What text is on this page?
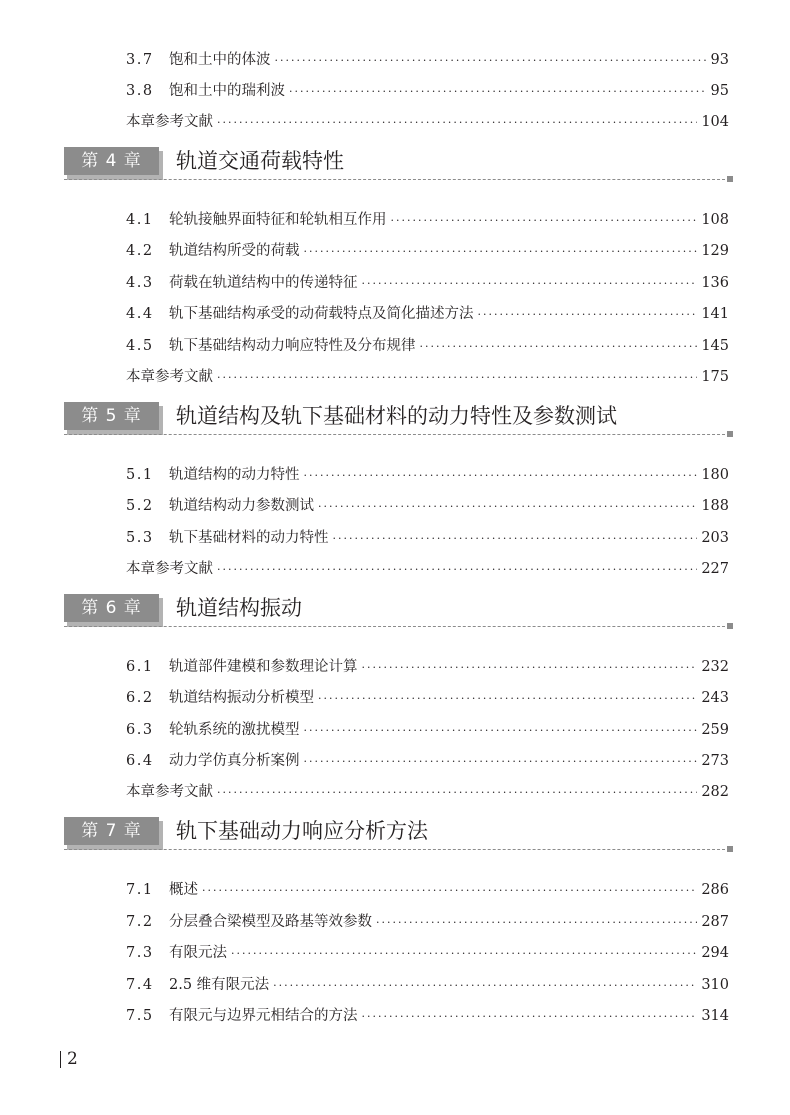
3.7 饱和土中的体波 ·····	93
3.8 饱和土中的瑞利波 ·····	95
本章参考文献 ·····	104
第 4 章	轨道交通荷载特性
4.1 轮轨接触界面特征和轮轨相互作用 ·····	108
4.2 轨道结构所受的荷载 ·····	129
4.3 荷载在轨道结构中的传递特征 ·····	136
4.4 轨下基础结构承受的动荷载特点及简化描述方法 ·····	141
4.5 轨下基础结构动力响应特性及分布规律 ·····	145
本章参考文献 ·····	175
第 5 章	轨道结构及轨下基础材料的动力特性及参数测试
5.1 轨道结构的动力特性 ·····	180
5.2 轨道结构动力参数测试 ·····	188
5.3 轨下基础材料的动力特性 ·····	203
本章参考文献 ·····	227
第 6 章	轨道结构振动
6.1 轨道部件建模和参数理论计算 ·····	232
6.2 轨道结构振动分析模型 ·····	243
6.3 轮轨系统的激扰模型 ·····	259
6.4 动力学仿真分析案例 ·····	273
本章参考文献 ·····	282
第 7 章	轨下基础动力响应分析方法
7.1 概述 ·····	286
7.2 分层叠合梁模型及路基等效参数 ·····	287
7.3 有限元法 ·····	294
7.4 2.5 维有限元法 ·····	310
7.5 有限元与边界元相结合的方法 ·····	314
2
